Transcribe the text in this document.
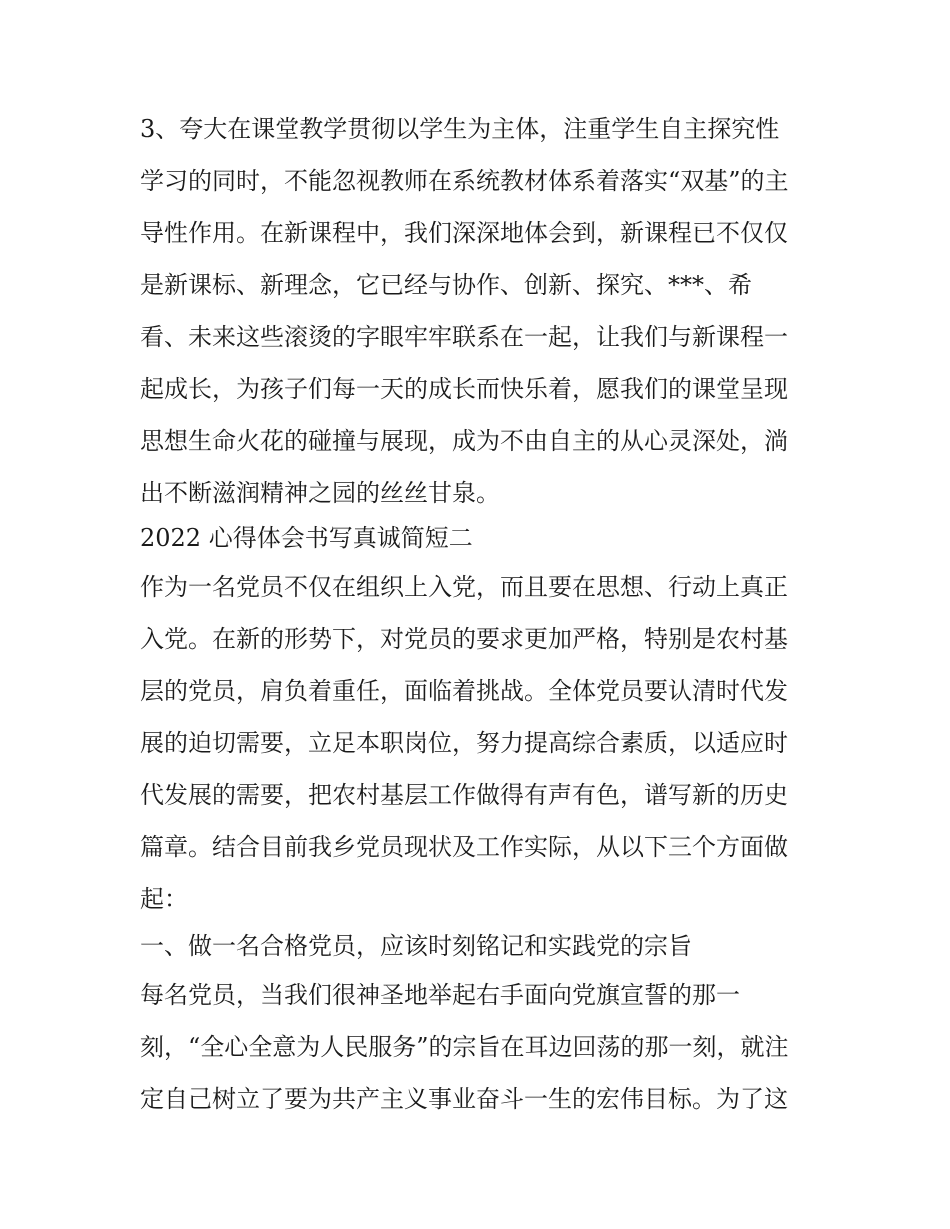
3、夸大在课堂教学贯彻以学生为主体，注重学生自主探究性
学习的同时，不能忽视教师在系统教材体系着落实“双基”的主
导性作用。在新课程中，我们深深地体会到，新课程已不仅仅
是新课标、新理念，它已经与协作、创新、探究、***、希
看、未来这些滚烫的字眼牢牢联系在一起，让我们与新课程一
起成长，为孩子们每一天的成长而快乐着，愿我们的课堂呈现
思想生命火花的碰撞与展现，成为不由自主的从心灵深处，淌
出不断滋润精神之园的丝丝甘泉。
2022 心得体会书写真诚简短二
作为一名党员不仅在组织上入党，而且要在思想、行动上真正
入党。在新的形势下，对党员的要求更加严格，特别是农村基
层的党员，肩负着重任，面临着挑战。全体党员要认清时代发
展的迫切需要，立足本职岗位，努力提高综合素质，以适应时
代发展的需要，把农村基层工作做得有声有色，谱写新的历史
篇章。结合目前我乡党员现状及工作实际，从以下三个方面做
起：
一、做一名合格党员，应该时刻铭记和实践党的宗旨
每名党员，当我们很神圣地举起右手面向党旗宣誓的那一
刻，“全心全意为人民服务”的宗旨在耳边回荡的那一刻，就注
定自己树立了要为共产主义事业奋斗一生的宏伟目标。为了这
